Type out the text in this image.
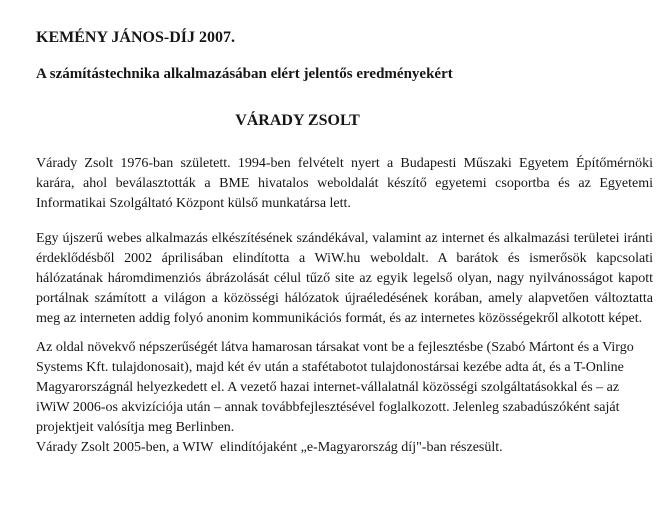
KEMÉNY JÁNOS-DÍJ 2007.
A számítástechnika alkalmazásában elért jelentős eredményekért
VÁRADY ZSOLT

Várady Zsolt 1976-ban született. 1994-ben felvételt nyert a Budapesti Műszaki Egyetem Építőmérnöki karára, ahol beválasztották a BME hivatalos weboldalát készítő egyetemi csoportba és az Egyetemi Informatikai Szolgáltató Központ külső munkatársa lett.

Egy újszerű webes alkalmazás elkészítésének szándékával, valamint az internet és alkalmazási területei iránti érdeklődésből 2002 áprilisában elindította a WiW.hu weboldalt. A barátok és ismerősök kapcsolati hálózatának háromdimenziós ábrázolását célul tűző site az egyik legelső olyan, nagy nyilvánosságot kapott portálnak számított a világon a közösségi hálózatok újraéledésének korában, amely alapvetően változtatta meg az interneten addig folyó anonim kommunikációs formát, és az internetes közösségekről alkotott képet.

Az oldal növekvő népszerűségét látva hamarosan társakat vont be a fejlesztésbe (Szabó Mártont és a Virgo Systems Kft. tulajdonosait), majd két év után a stafétabotot tulajdonostársai kezébe adta át, és a T-Online Magyarországnál helyezkedett el. A vezető hazai internet-vállalatnál közösségi szolgáltatásokkal és – az iWiW 2006-os akvizíciója után – annak továbbfejlesztésével foglalkozott. Jelenleg szabadúszóként saját projektjeit valósítja meg Berlinben.

Várady Zsolt 2005-ben, a WIW  elindítójaként „e-Magyarország díj"-ban részesült.
